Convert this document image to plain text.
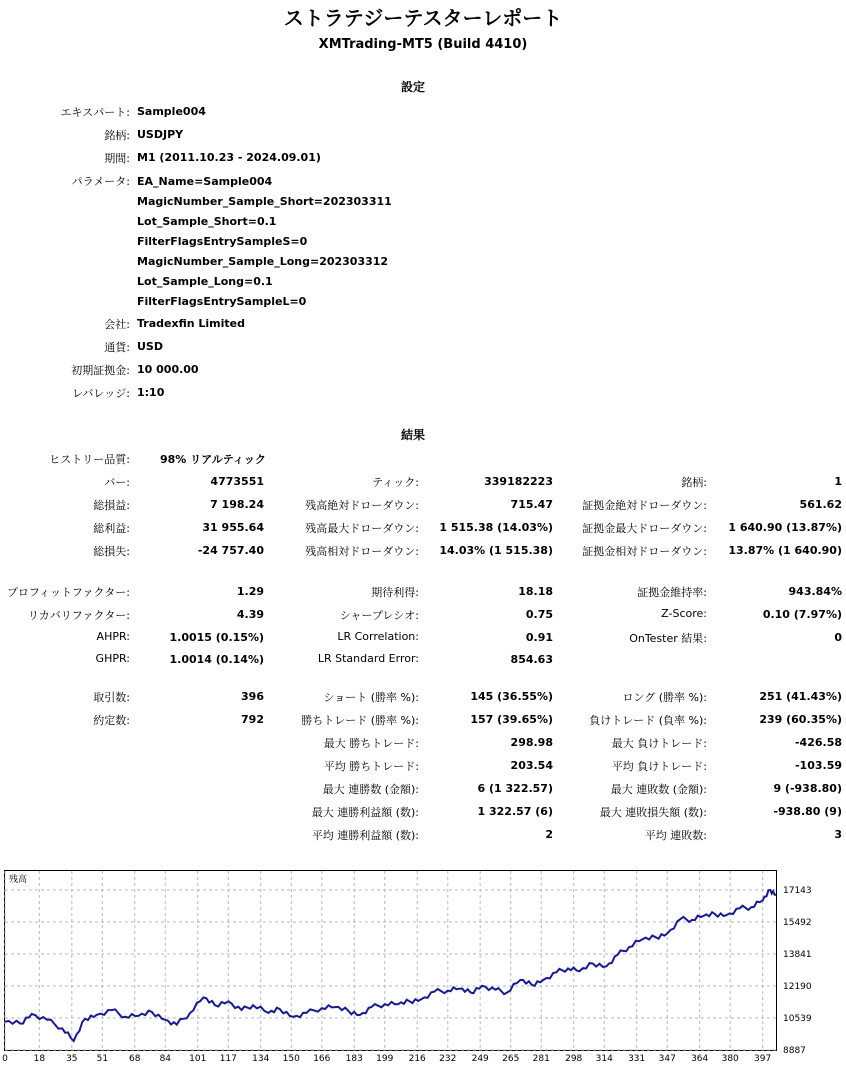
ストラテジーテスターレポート
XMTrading-MT5 (Build 4410)
設定
エキスパート: Sample004
銘柄: USDJPY
期間: M1 (2011.10.23 - 2024.09.01)
パラメータ: EA_Name=Sample004
MagicNumber_Sample_Short=202303311
Lot_Sample_Short=0.1
FilterFlagsEntrySampleS=0
MagicNumber_Sample_Long=202303312
Lot_Sample_Long=0.1
FilterFlagsEntrySampleL=0
会社: Tradexfin Limited
通貨: USD
初期証拠金: 10 000.00
レバレッジ: 1:10
結果
ヒストリー品質:	98% リアルティック
バー:	4773551	ティック:	339182223	銘柄:	1
総損益:	7 198.24	残高絶対ドローダウン:	715.47	証拠金絶対ドローダウン:	561.62
総利益:	31 955.64	残高最大ドローダウン:	1 515.38 (14.03%)	証拠金最大ドローダウン:	1 640.90 (13.87%)
総損失:	-24 757.40	残高相対ドローダウン:	14.03% (1 515.38)	証拠金相対ドローダウン:	13.87% (1 640.90)
プロフィットファクター:	1.29	期待利得:	18.18	証拠金維持率:	943.84%
リカバリファクター:	4.39	シャープレシオ:	0.75	Z-Score:	0.10 (7.97%)
AHPR:	1.0015 (0.15%)	LR Correlation:	0.91	OnTester 結果:	0
GHPR:	1.0014 (0.14%)	LR Standard Error:	854.63
取引数:	396	ショート (勝率 %):	145 (36.55%)	ロング (勝率 %):	251 (41.43%)
約定数:	792	勝ちトレード (勝率 %):	157 (39.65%)	負けトレード (負率 %):	239 (60.35%)
最大 勝ちトレード:	298.98	最大 負けトレード:	-426.58
平均 勝ちトレード:	203.54	平均 負けトレード:	-103.59
最大 連勝数 (金額):	6 (1 322.57)	最大 連敗数 (金額):	9 (-938.80)
最大 連勝利益額 (数):	1 322.57 (6)	最大 連敗損失額 (数):	-938.80 (9)
平均 連勝利益額 (数):	2	平均 連敗数:	3
残高
17143
15492
13841
12190
10539
8887
0	18 35 51 68 84 101 117 134 150 166 183 199 216 232 249 265 281 298 314 331 347 364 380 397
